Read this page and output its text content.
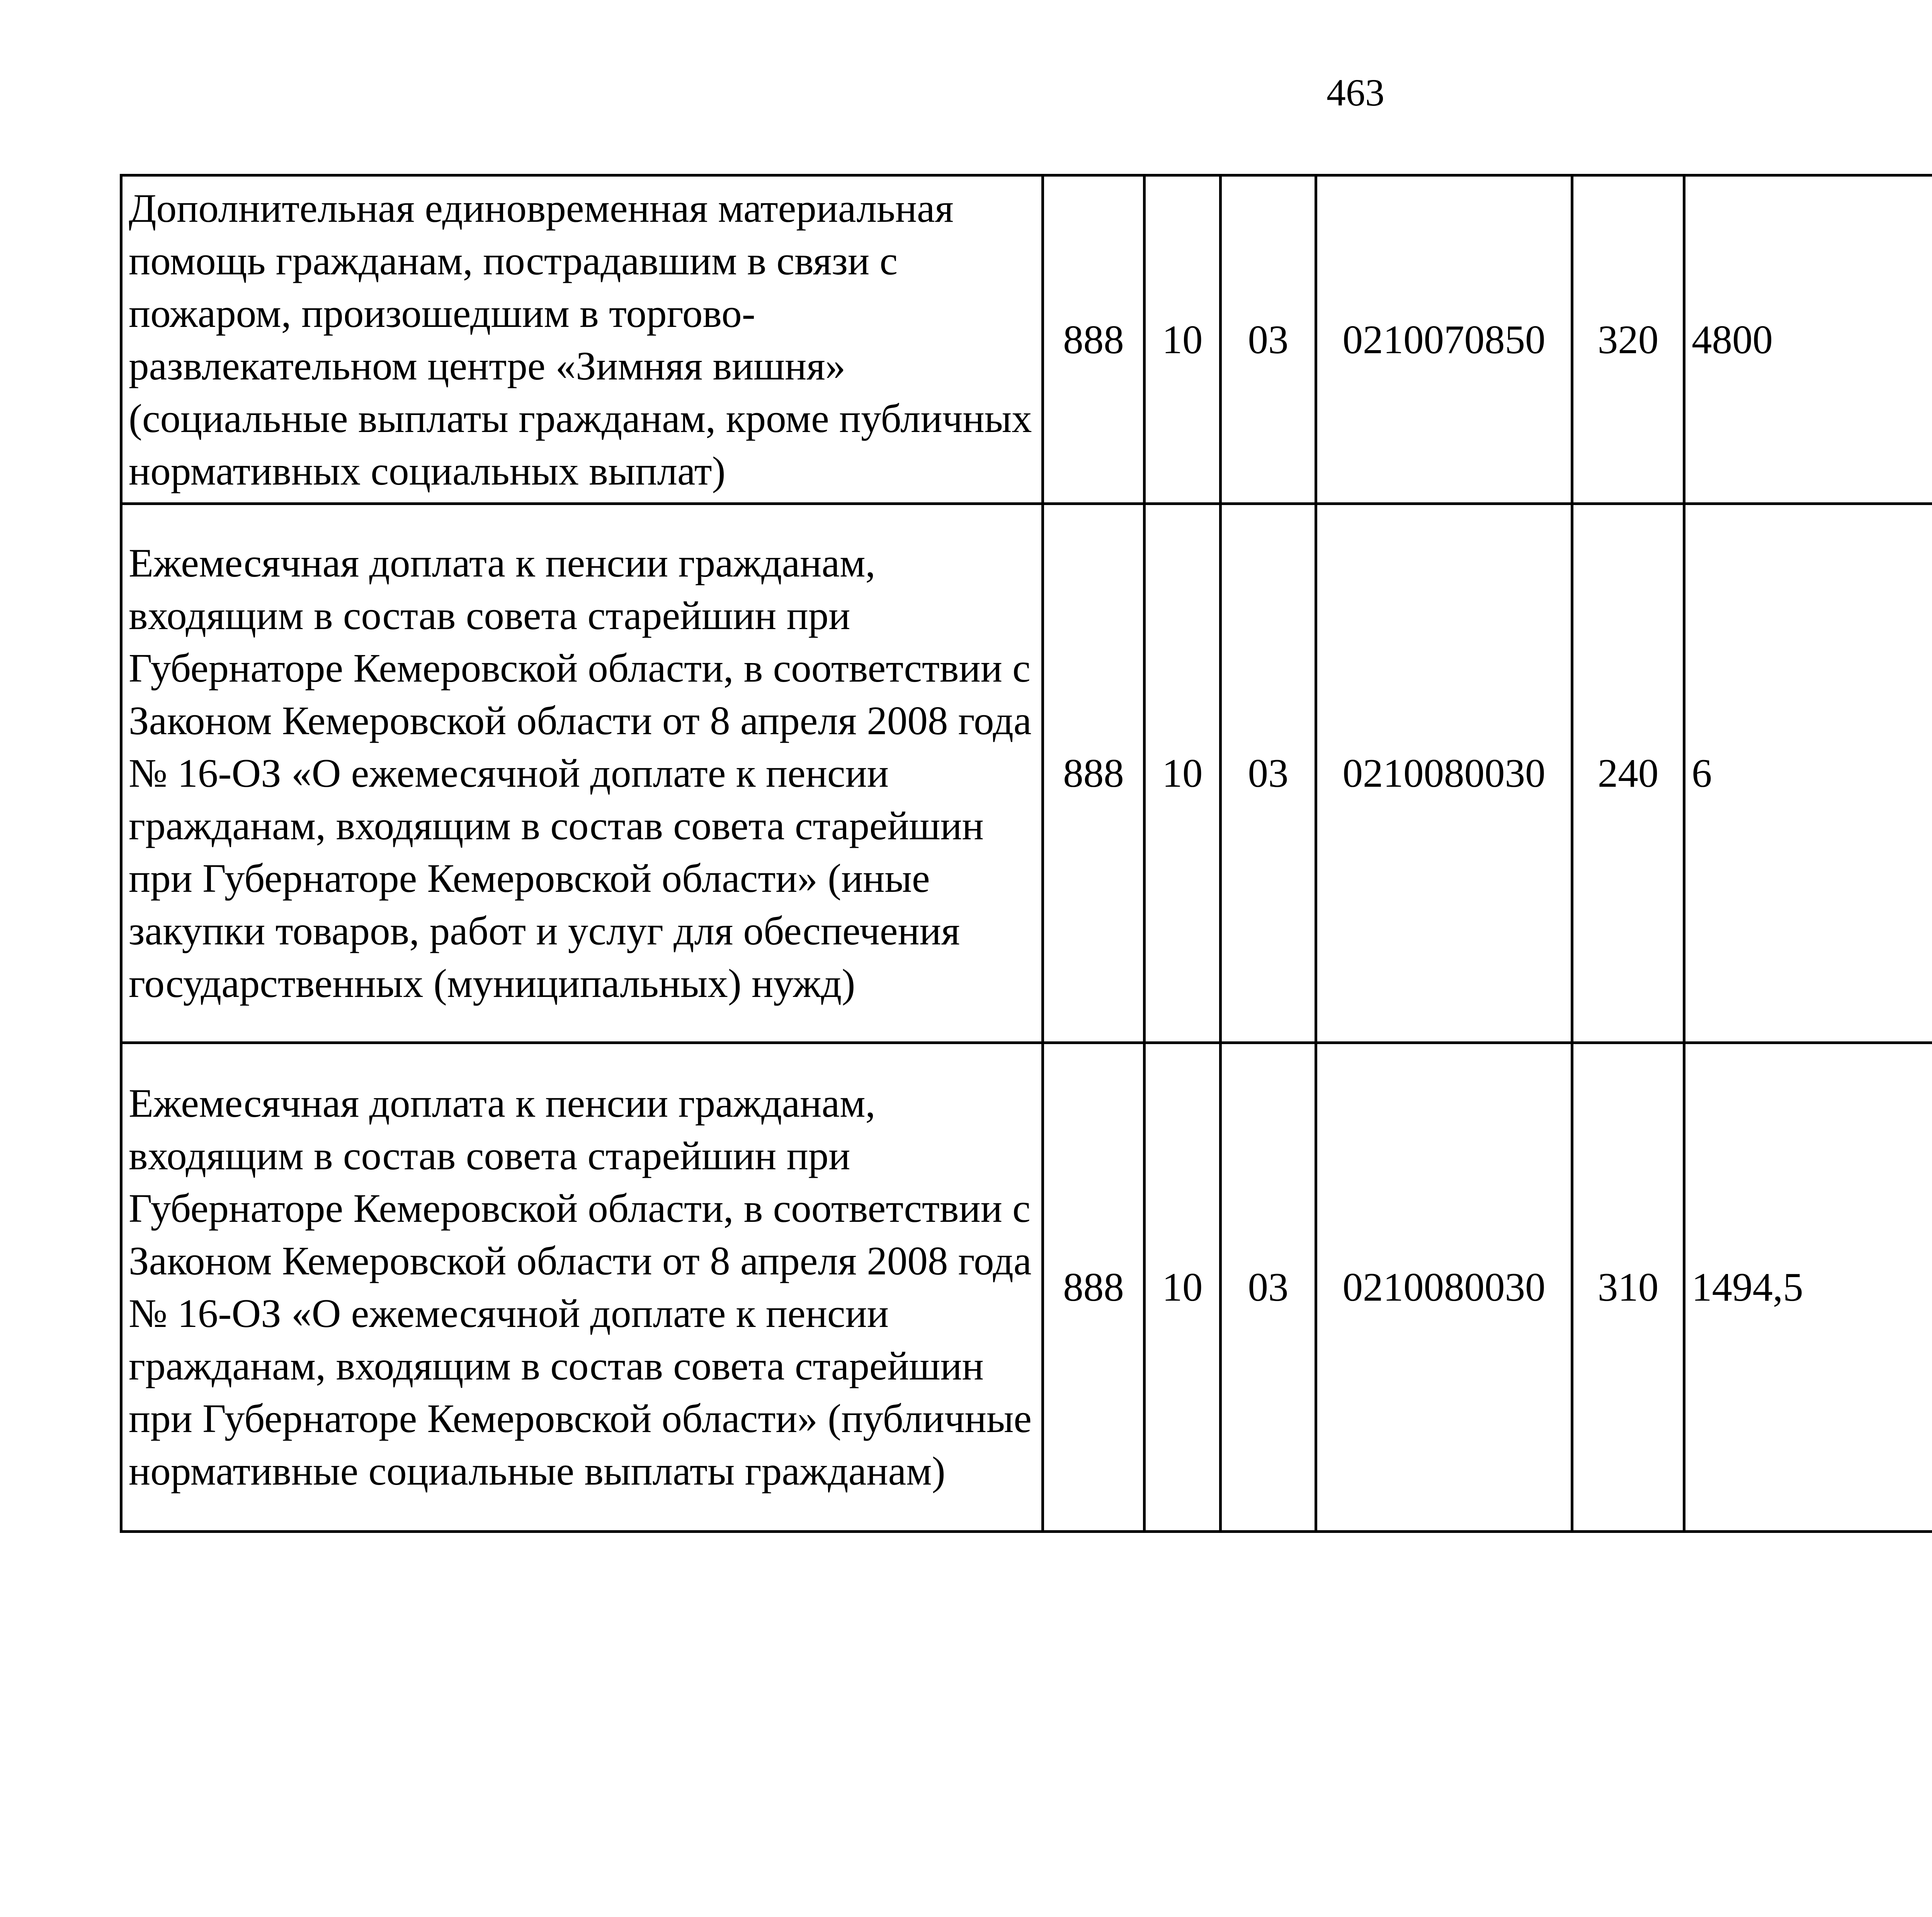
463
Дополнительная единовременная материальная помощь гражданам, пострадавшим в связи с пожаром, произошедшим в торгово-развлекательном центре «Зимняя вишня» (социальные выплаты гражданам, кроме публичных нормативных социальных выплат)	888	10	03	0210070850	320	4800		
Ежемесячная доплата к пенсии гражданам, входящим в состав совета старейшин при Губернаторе Кемеровской области, в соответствии с Законом Кемеровской области от 8 апреля 2008 года № 16-ОЗ «О ежемесячной доплате к пенсии гражданам, входящим в состав совета старейшин при Губернаторе Кемеровской области» (иные закупки товаров, работ и услуг для обеспечения государственных (муниципальных) нужд)	888	10	03	0210080030	240	6		
Ежемесячная доплата к пенсии гражданам, входящим в состав совета старейшин при Губернаторе Кемеровской области, в соответствии с Законом Кемеровской области от 8 апреля 2008 года № 16-ОЗ «О ежемесячной доплате к пенсии гражданам, входящим в состав совета старейшин при Губернаторе Кемеровской области» (публичные нормативные социальные выплаты гражданам)	888	10	03	0210080030	310	1494,5		
